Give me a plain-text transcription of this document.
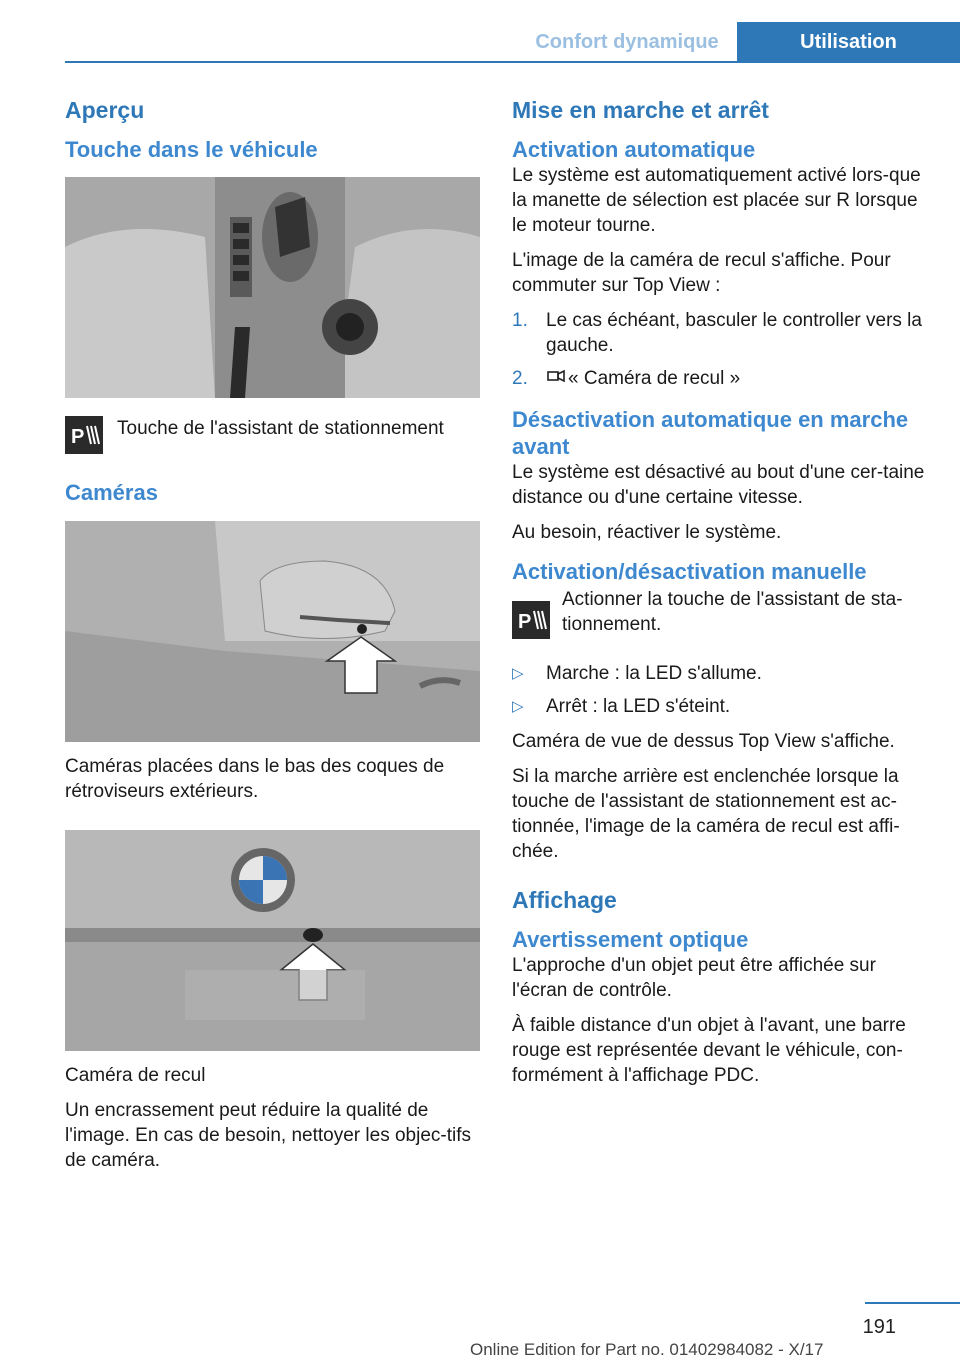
Confort dynamique	Utilisation
Aperçu
Touche dans le véhicule
P Touche de l'assistant de stationnement
Caméras
Caméras placées dans le bas des coques de rétroviseurs extérieurs.
Caméra de recul
Un encrassement peut réduire la qualité de l'image. En cas de besoin, nettoyer les objec-tifs de caméra.
Mise en marche et arrêt
Activation automatique
Le système est automatiquement activé lors-que la manette de sélection est placée sur R lorsque le moteur tourne.
L'image de la caméra de recul s'affiche. Pour commuter sur Top View :
1. Le cas échéant, basculer le controller vers la gauche.
2.	« Caméra de recul »
Désactivation automatique en marche avant
Le système est désactivé au bout d'une cer-taine distance ou d'une certaine vitesse.
Au besoin, réactiver le système.
Activation/désactivation manuelle
P
Actionner la touche de l'assistant de sta-tionnement.
▷	Marche : la LED s'allume.
▷	Arrêt : la LED s'éteint.
Caméra de vue de dessus Top View s'affiche.
Si la marche arrière est enclenchée lorsque la touche de l'assistant de stationnement est ac-tionnée, l'image de la caméra de recul est affi-chée.
Affichage
Avertissement optique
L'approche d'un objet peut être affichée sur l'écran de contrôle.
À faible distance d'un objet à l'avant, une barre rouge est représentée devant le véhicule, con-formément à l'affichage PDC.
191
Online Edition for Part no. 01402984082 - X/17
